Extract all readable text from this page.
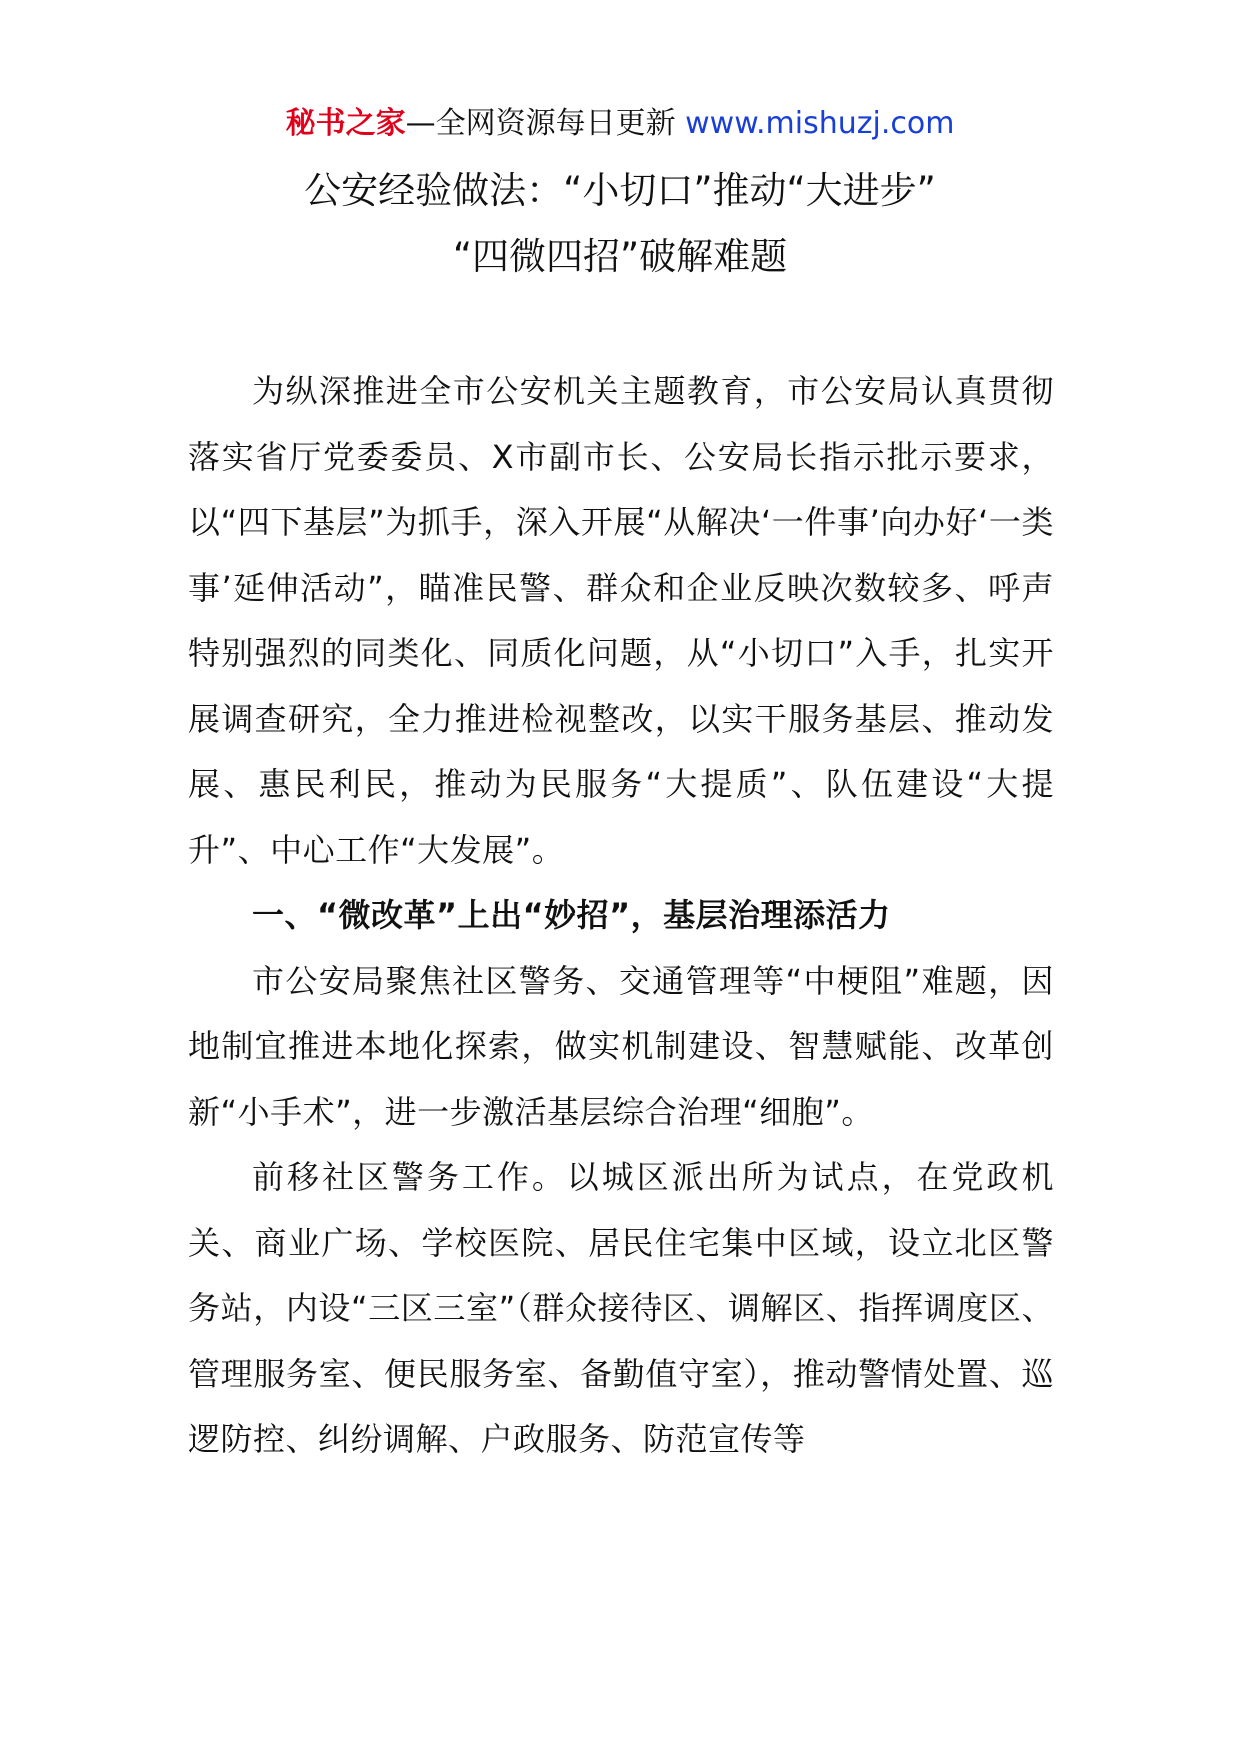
秘书之家—全网资源每日更新 www.mishuzj.com
公安经验做法：“小切口”推动“大进步”
“四微四招”破解难题

为纵深推进全市公安机关主题教育，市公安局认真贯彻落实省厅党委委员、X市副市长、公安局长指示批示要求，以“四下基层”为抓手，深入开展“从解决‘一件事’向办好‘一类事’延伸活动”，瞄准民警、群众和企业反映次数较多、呼声特别强烈的同类化、同质化问题，从“小切口”入手，扎实开展调查研究，全力推进检视整改，以实干服务基层、推动发展、惠民利民，推动为民服务“大提质”、队伍建设“大提升”、中心工作“大发展”。

一、“微改革”上出“妙招”，基层治理添活力

市公安局聚焦社区警务、交通管理等“中梗阻”难题，因地制宜推进本地化探索，做实机制建设、智慧赋能、改革创新“小手术”，进一步激活基层综合治理“细胞”。

前移社区警务工作。以城区派出所为试点，在党政机关、商业广场、学校医院、居民住宅集中区域，设立北区警务站，内设“三区三室”（群众接待区、调解区、指挥调度区、管理服务室、便民服务室、备勤值守室），推动警情处置、巡逻防控、纠纷调解、户政服务、防范宣传等
